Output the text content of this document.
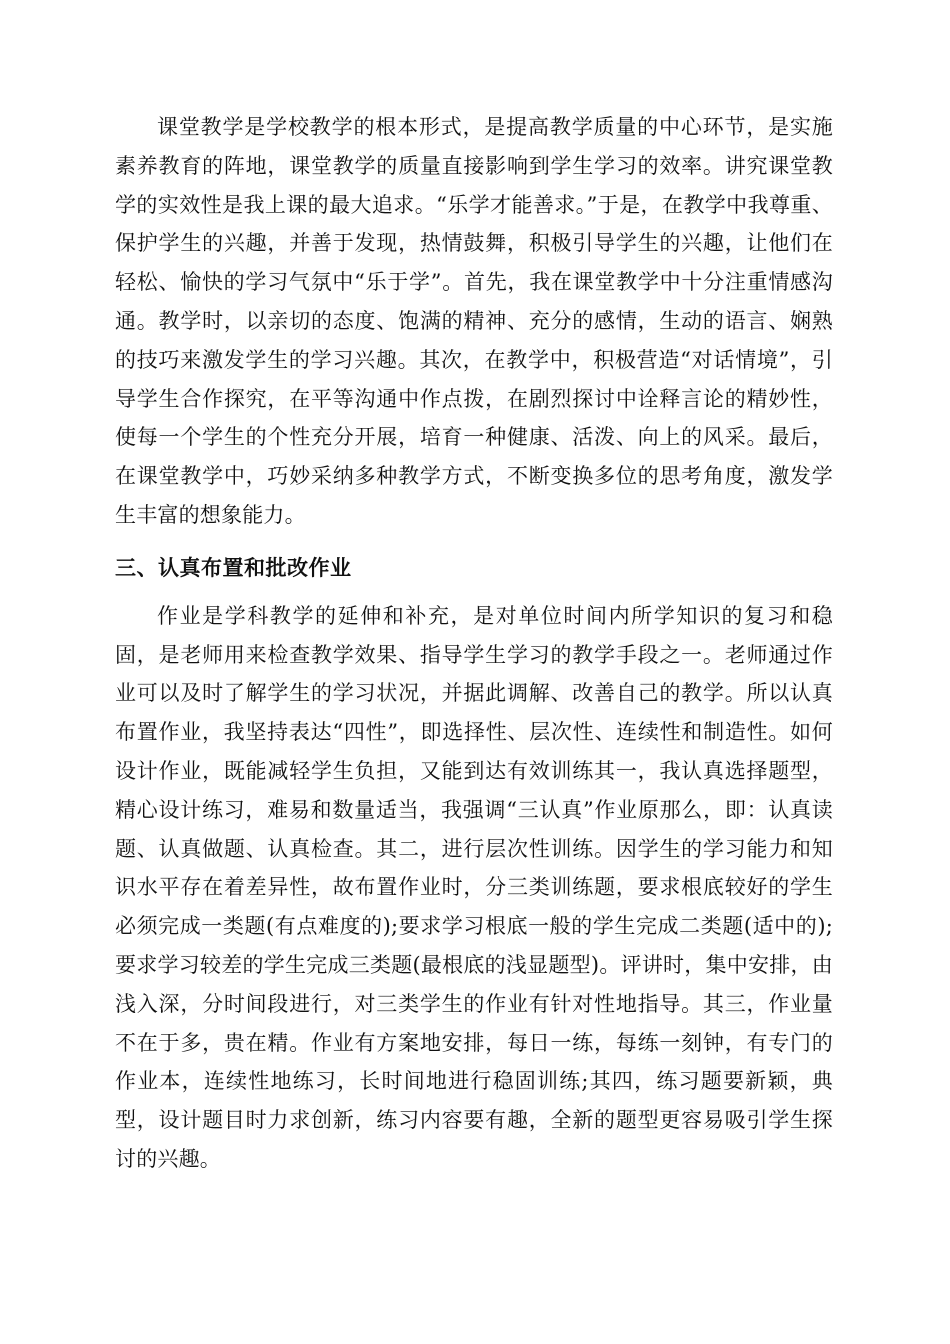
课堂教学是学校教学的根本形式，是提高教学质量的中心环节，是实施素养教育的阵地，课堂教学的质量直接影响到学生学习的效率。讲究课堂教学的实效性是我上课的最大追求。“乐学才能善求。”于是，在教学中我尊重、保护学生的兴趣，并善于发现，热情鼓舞，积极引导学生的兴趣，让他们在轻松、愉快的学习气氛中“乐于学”。首先，我在课堂教学中十分注重情感沟通。教学时，以亲切的态度、饱满的精神、充分的感情，生动的语言、娴熟的技巧来激发学生的学习兴趣。其次，在教学中，积极营造“对话情境”，引导学生合作探究，在平等沟通中作点拨，在剧烈探讨中诠释言论的精妙性，使每一个学生的个性充分开展，培育一种健康、活泼、向上的风采。最后，在课堂教学中，巧妙采纳多种教学方式，不断变换多位的思考角度，激发学生丰富的想象能力。

三、认真布置和批改作业

作业是学科教学的延伸和补充，是对单位时间内所学知识的复习和稳固，是老师用来检查教学效果、指导学生学习的教学手段之一。老师通过作业可以及时了解学生的学习状况，并据此调解、改善自己的教学。所以认真布置作业，我坚持表达“四性”，即选择性、层次性、连续性和制造性。如何设计作业，既能减轻学生负担，又能到达有效训练其一，我认真选择题型，精心设计练习，难易和数量适当，我强调“三认真”作业原那么，即：认真读题、认真做题、认真检查。其二，进行层次性训练。因学生的学习能力和知识水平存在着差异性，故布置作业时，分三类训练题，要求根底较好的学生必须完成一类题(有点难度的);要求学习根底一般的学生完成二类题(适中的);要求学习较差的学生完成三类题(最根底的浅显题型)。评讲时，集中安排，由浅入深，分时间段进行，对三类学生的作业有针对性地指导。其三，作业量不在于多，贵在精。作业有方案地安排，每日一练，每练一刻钟，有专门的作业本，连续性地练习，长时间地进行稳固训练;其四，练习题要新颖，典型，设计题目时力求创新，练习内容要有趣，全新的题型更容易吸引学生探讨的兴趣。
